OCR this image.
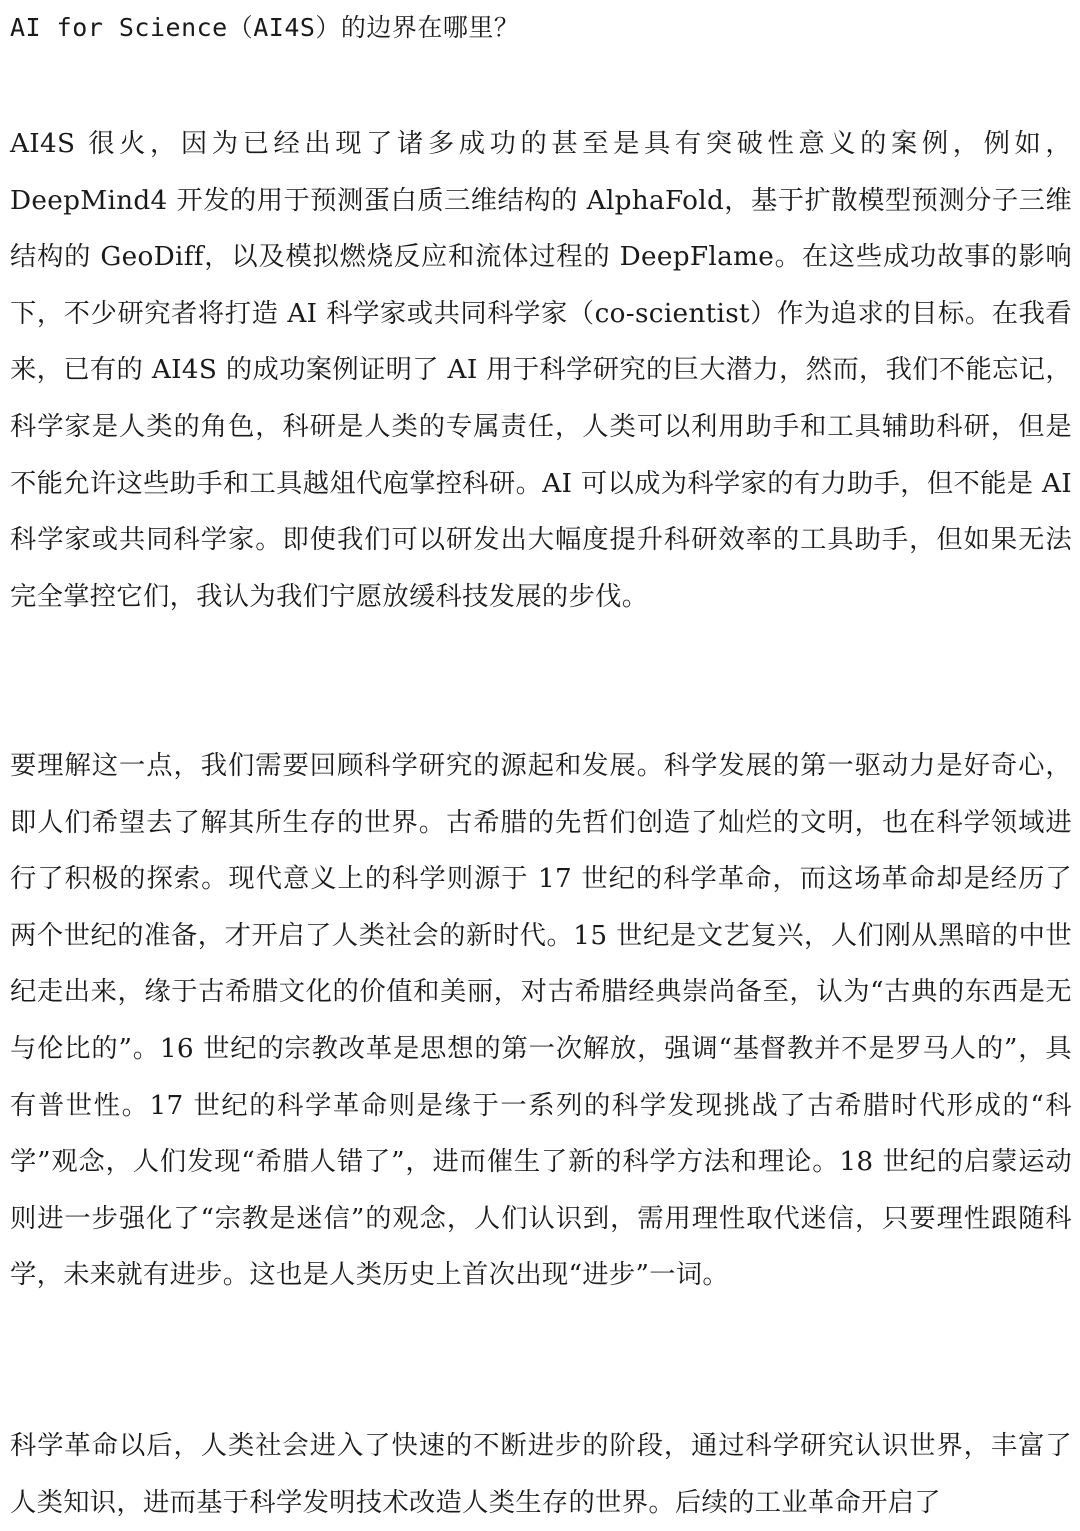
AI for Science（AI4S）的边界在哪里？

AI4S 很火，因为已经出现了诸多成功的甚至是具有突破性意义的案例，例如，DeepMind4 开发的用于预测蛋白质三维结构的 AlphaFold，基于扩散模型预测分子三维结构的 GeoDiff，以及模拟燃烧反应和流体过程的 DeepFlame。在这些成功故事的影响下，不少研究者将打造 AI 科学家或共同科学家（co-scientist）作为追求的目标。在我看来，已有的 AI4S 的成功案例证明了 AI 用于科学研究的巨大潜力，然而，我们不能忘记，科学家是人类的角色，科研是人类的专属责任，人类可以利用助手和工具辅助科研，但是不能允许这些助手和工具越俎代庖掌控科研。AI 可以成为科学家的有力助手，但不能是 AI 科学家或共同科学家。即使我们可以研发出大幅度提升科研效率的工具助手，但如果无法完全掌控它们，我认为我们宁愿放缓科技发展的步伐。

要理解这一点，我们需要回顾科学研究的源起和发展。科学发展的第一驱动力是好奇心，即人们希望去了解其所生存的世界。古希腊的先哲们创造了灿烂的文明，也在科学领域进行了积极的探索。现代意义上的科学则源于 17 世纪的科学革命，而这场革命却是经历了两个世纪的准备，才开启了人类社会的新时代。15 世纪是文艺复兴，人们刚从黑暗的中世纪走出来，缘于古希腊文化的价值和美丽，对古希腊经典崇尚备至，认为“古典的东西是无与伦比的”。16 世纪的宗教改革是思想的第一次解放，强调“基督教并不是罗马人的”，具有普世性。17 世纪的科学革命则是缘于一系列的科学发现挑战了古希腊时代形成的“科学”观念，人们发现“希腊人错了”，进而催生了新的科学方法和理论。18 世纪的启蒙运动则进一步强化了“宗教是迷信”的观念，人们认识到，需用理性取代迷信，只要理性跟随科学，未来就有进步。这也是人类历史上首次出现“进步”一词。

科学革命以后，人类社会进入了快速的不断进步的阶段，通过科学研究认识世界，丰富了人类知识，进而基于科学发明技术改造人类生存的世界。后续的工业革命开启了
